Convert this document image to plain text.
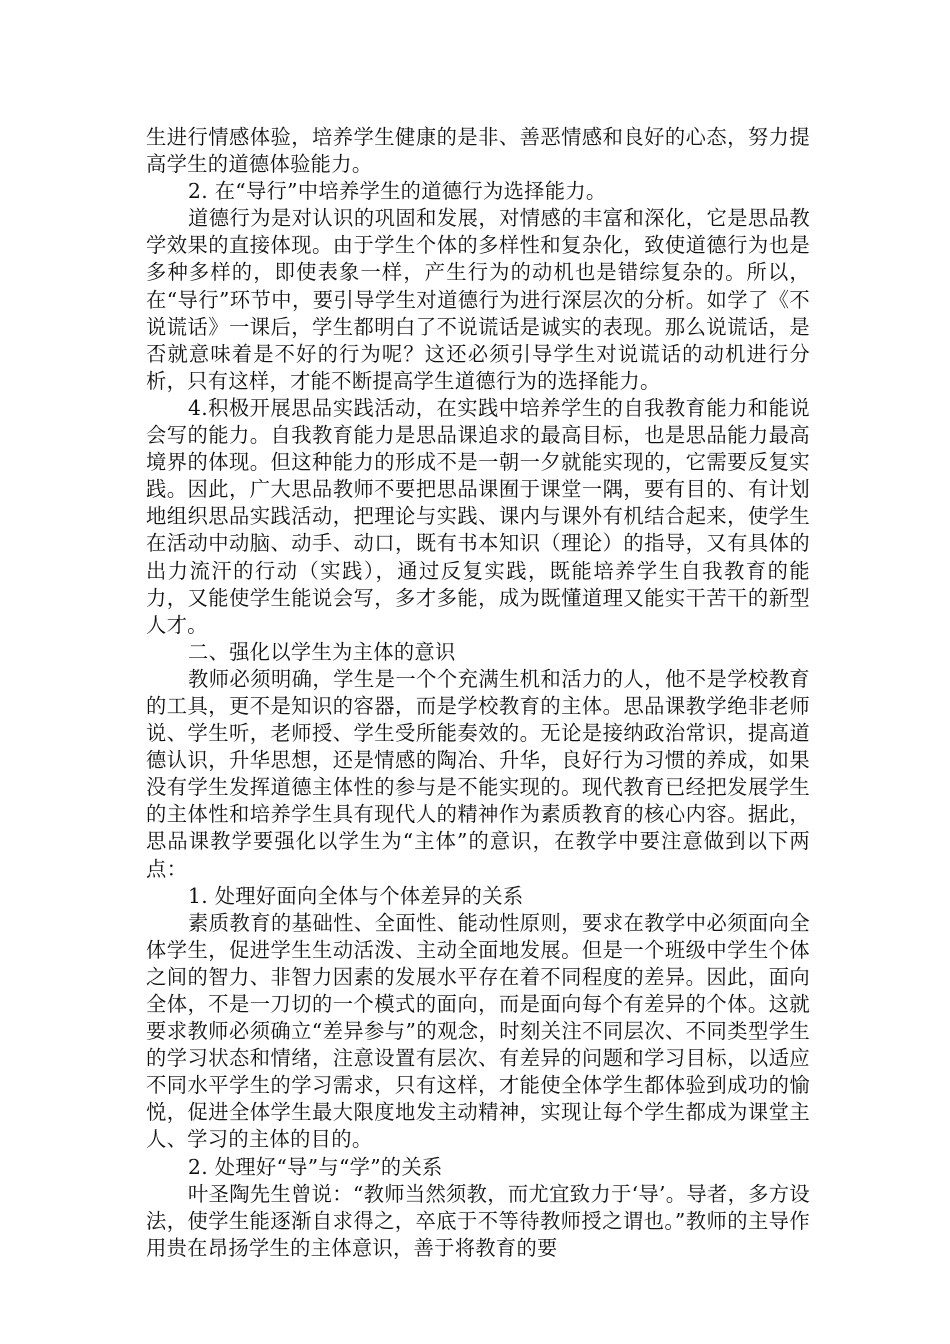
生进行情感体验，培养学生健康的是非、善恶情感和良好的心态，努力提高学生的道德体验能力。

2. 在“导行”中培养学生的道德行为选择能力。

道德行为是对认识的巩固和发展，对情感的丰富和深化，它是思品教学效果的直接体现。由于学生个体的多样性和复杂化，致使道德行为也是多种多样的，即使表象一样，产生行为的动机也是错综复杂的。所以，在“导行”环节中，要引导学生对道德行为进行深层次的分析。如学了《不说谎话》一课后，学生都明白了不说谎话是诚实的表现。那么说谎话，是否就意味着是不好的行为呢？这还必须引导学生对说谎话的动机进行分析，只有这样，才能不断提高学生道德行为的选择能力。

4.积极开展思品实践活动，在实践中培养学生的自我教育能力和能说会写的能力。自我教育能力是思品课追求的最高目标，也是思品能力最高境界的体现。但这种能力的形成不是一朝一夕就能实现的，它需要反复实践。因此，广大思品教师不要把思品课囿于课堂一隅，要有目的、有计划地组织思品实践活动，把理论与实践、课内与课外有机结合起来，使学生在活动中动脑、动手、动口，既有书本知识（理论）的指导，又有具体的出力流汗的行动（实践），通过反复实践，既能培养学生自我教育的能力，又能使学生能说会写，多才多能，成为既懂道理又能实干苦干的新型人才。

二、强化以学生为主体的意识

教师必须明确，学生是一个个充满生机和活力的人，他不是学校教育的工具，更不是知识的容器，而是学校教育的主体。思品课教学绝非老师说、学生听，老师授、学生受所能奏效的。无论是接纳政治常识，提高道德认识，升华思想，还是情感的陶冶、升华，良好行为习惯的养成，如果没有学生发挥道德主体性的参与是不能实现的。现代教育已经把发展学生的主体性和培养学生具有现代人的精神作为素质教育的核心内容。据此，思品课教学要强化以学生为“主体”的意识，在教学中要注意做到以下两点：

1. 处理好面向全体与个体差异的关系

素质教育的基础性、全面性、能动性原则，要求在教学中必须面向全体学生，促进学生生动活泼、主动全面地发展。但是一个班级中学生个体之间的智力、非智力因素的发展水平存在着不同程度的差异。因此，面向全体，不是一刀切的一个模式的面向，而是面向每个有差异的个体。这就要求教师必须确立“差异参与”的观念，时刻关注不同层次、不同类型学生的学习状态和情绪，注意设置有层次、有差异的问题和学习目标，以适应不同水平学生的学习需求，只有这样，才能使全体学生都体验到成功的愉悦，促进全体学生最大限度地发主动精神，实现让每个学生都成为课堂主人、学习的主体的目的。

2. 处理好“导”与“学”的关系

叶圣陶先生曾说：“教师当然须教，而尤宜致力于‘导’。导者，多方设法，使学生能逐渐自求得之，卒底于不等待教师授之谓也。”教师的主导作用贵在昂扬学生的主体意识，善于将教育的要
